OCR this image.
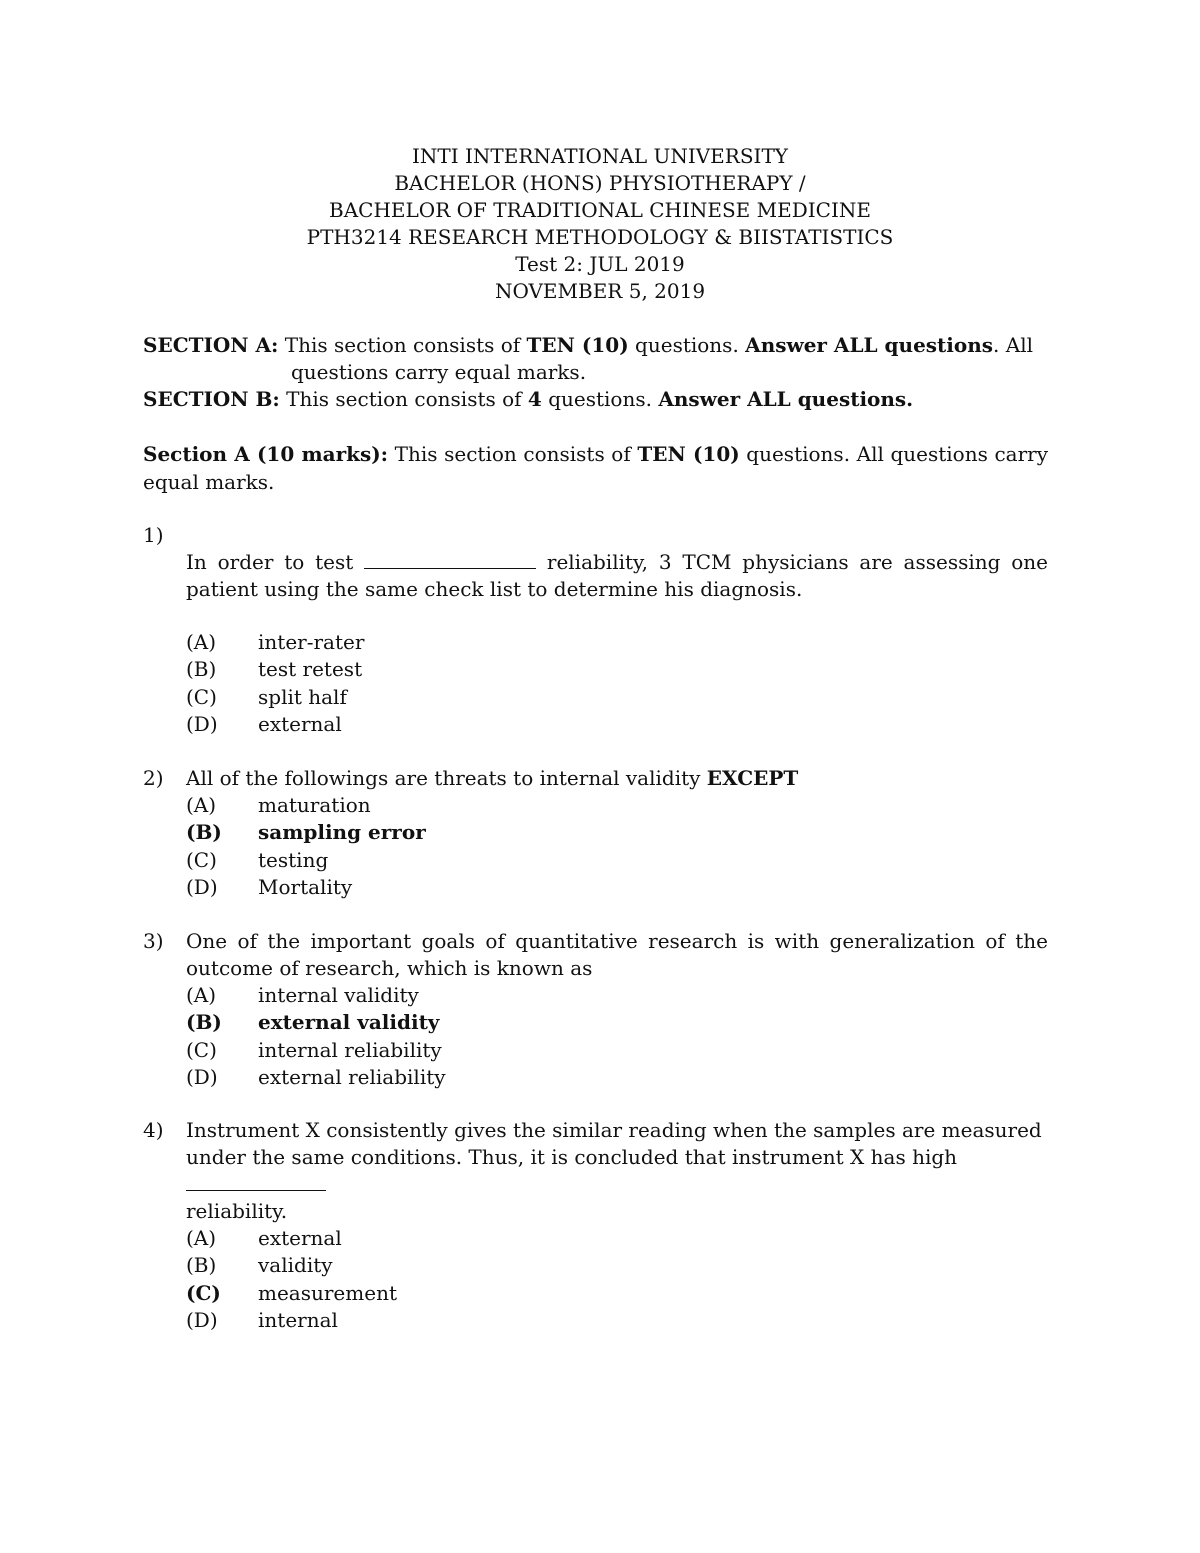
INTI INTERNATIONAL UNIVERSITY
BACHELOR (HONS) PHYSIOTHERAPY /
BACHELOR OF TRADITIONAL CHINESE MEDICINE
PTH3214 RESEARCH METHODOLOGY & BIISTATISTICS
Test 2: JUL 2019
NOVEMBER 5, 2019
SECTION A: This section consists of TEN (10) questions. Answer ALL questions. All
questions carry equal marks.
SECTION B: This section consists of 4 questions. Answer ALL questions.
Section A (10 marks): This section consists of TEN (10) questions. All questions carry equal marks.
1)
In order to test	reliability, 3 TCM physicians are assessing one patient using the same check list to determine his diagnosis.
(A)	inter-rater
(B)	test retest
(C)	split half
(D)	external
2) All of the followings are threats to internal validity EXCEPT
(A)	maturation
(B)	sampling error
(C)	testing
(D)	Mortality
3) One of the important goals of quantitative research is with generalization of the outcome of research, which is known as
(A)	internal validity
(B)	external validity
(C)	internal reliability
(D)	external reliability
4) Instrument X consistently gives the similar reading when the samples are measured under the same conditions. Thus, it is concluded that instrument X has high
reliability.
(A)	external
(B)	validity
(C)	measurement
(D)	internal
